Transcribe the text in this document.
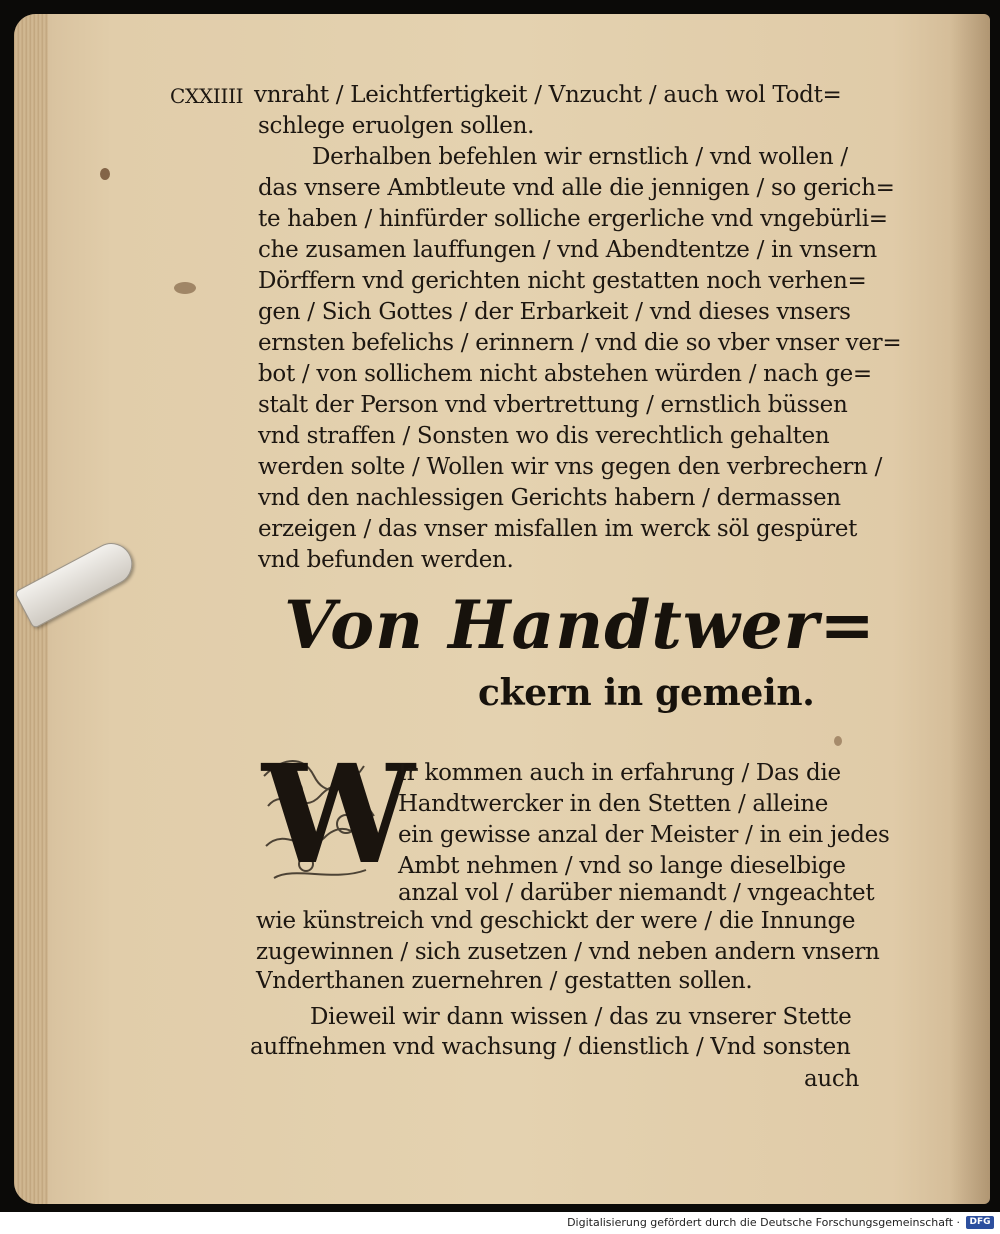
CXXIIII vnraht / Leichtfertigkeit / Vnzucht / auch wol Todt=
schlege eruolgen sollen.
Derhalben befehlen wir ernstlich / vnd wollen /
das vnsere Ambtleute vnd alle die jennigen / so gerich=
te haben / hinfürder solliche ergerliche vnd vngebürli=
che zusamen lauffungen / vnd Abendtentze / in vnsern
Dörffern vnd gerichten nicht gestatten noch verhen=
gen / Sich Gottes / der Erbarkeit / vnd dieses vnsers
ernsten befelichs / erinnern / vnd die so vber vnser ver=
bot / von sollichem nicht abstehen würden / nach ge=
stalt der Person vnd vbertrettung / ernstlich büssen
vnd straffen / Sonsten wo dis verechtlich gehalten
werden solte / Wollen wir vns gegen den verbrechern /
vnd den nachlessigen Gerichts habern / dermassen
erzeigen / das vnser misfallen im werck söl gespüret
vnd befunden werden.
Von Handtwer=
ckern in gemein.
W
Ir kommen auch in erfahrung / Das die
Handtwercker in den Stetten / alleine
ein gewisse anzal der Meister / in ein jedes
Ambt nehmen / vnd so lange dieselbige
anzal vol / darüber niemandt / vngeachtet
wie künstreich vnd geschickt der were / die Innunge
zugewinnen / sich zusetzen / vnd neben andern vnsern
Vnderthanen zuernehren / gestatten sollen.
Dieweil wir dann wissen / das zu vnserer Stette
auffnehmen vnd wachsung / dienstlich / Vnd sonsten
auch
Digitalisierung gefördert durch die Deutsche Forschungsgemeinschaft ·	DFG
